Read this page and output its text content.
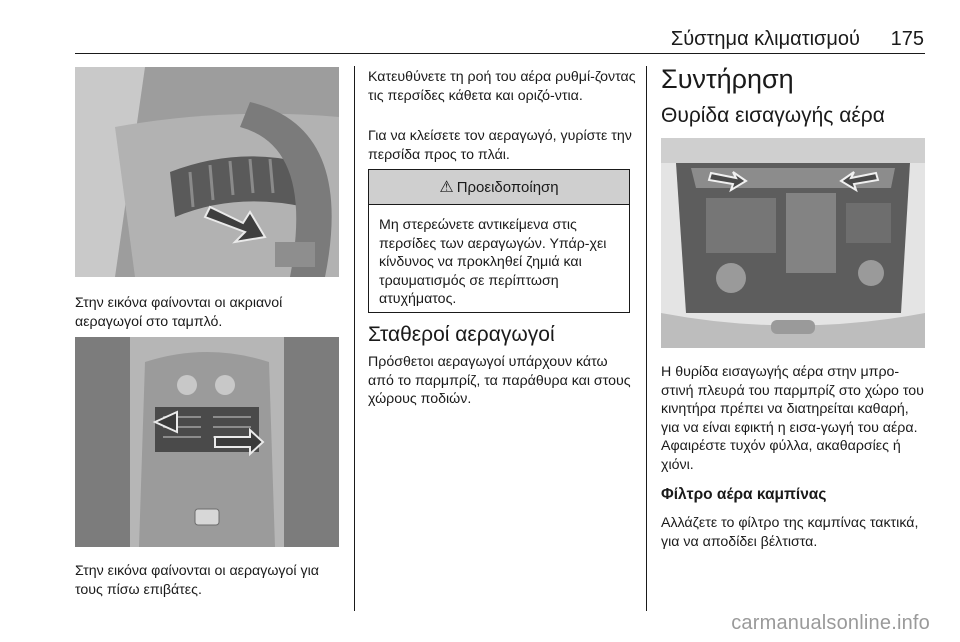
Σύστημα κλιματισμού	175

Στην εικόνα φαίνονται οι ακριανοί αεραγωγοί στο ταμπλό.

Στην εικόνα φαίνονται οι αεραγωγοί για τους πίσω επιβάτες.

Κατευθύνετε τη ροή του αέρα ρυθμί-ζοντας τις περσίδες κάθετα και οριζό-ντια.

Για να κλείσετε τον αεραγωγό, γυρίστε την περσίδα προς το πλάι.

⚠ Προειδοποίηση
Μη στερεώνετε αντικείμενα στις περσίδες των αεραγωγών. Υπάρ-χει κίνδυνος να προκληθεί ζημιά και τραυματισμός σε περίπτωση ατυχήματος.
Σταθεροί αεραγωγοί

Πρόσθετοι αεραγωγοί υπάρχουν κάτω από το παρμπρίζ, τα παράθυρα και στους χώρους ποδιών.

Συντήρηση
Θυρίδα εισαγωγής αέρα

Η θυρίδα εισαγωγής αέρα στην μπρο-στινή πλευρά του παρμπρίζ στο χώρο του κινητήρα πρέπει να διατηρείται καθαρή, για να είναι εφικτή η εισα-γωγή του αέρα. Αφαιρέστε τυχόν φύλλα, ακαθαρσίες ή χιόνι.

Φίλτρο αέρα καμπίνας

Αλλάζετε το φίλτρο της καμπίνας τακτικά, για να αποδίδει βέλτιστα.

carmanualsonline.info
